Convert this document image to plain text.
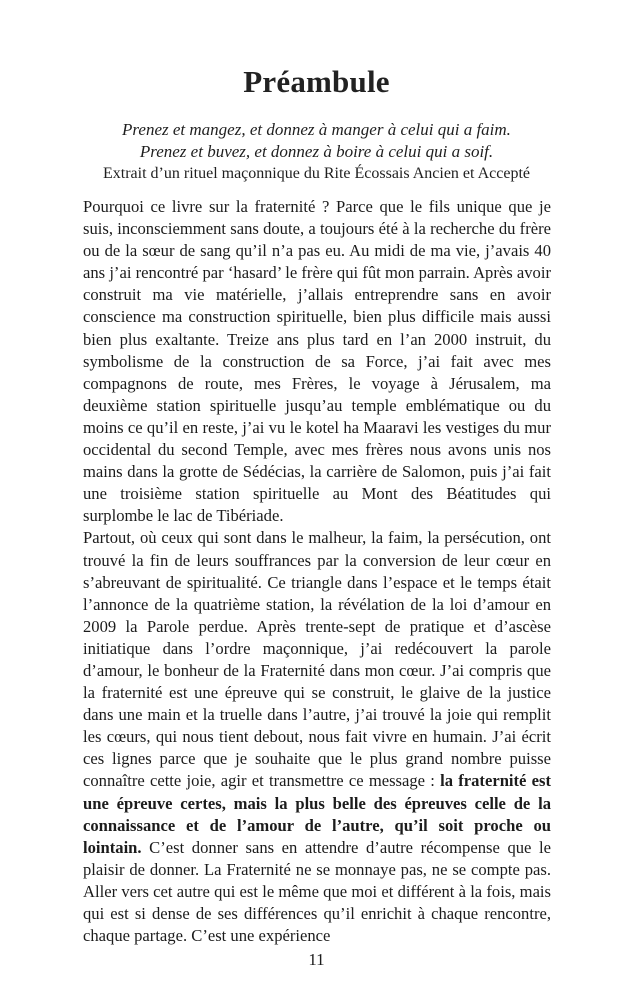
Préambule
Prenez et mangez, et donnez à manger à celui qui a faim.
Prenez et buvez, et donnez à boire à celui qui a soif.
Extrait d’un rituel maçonnique du Rite Écossais Ancien et Accepté

Pourquoi ce livre sur la fraternité ? Parce que le fils unique que je suis, inconsciemment sans doute, a toujours été à la recherche du frère ou de la sœur de sang qu’il n’a pas eu. Au midi de ma vie, j’avais 40 ans j’ai rencontré par ‘hasard’ le frère qui fût mon parrain. Après avoir construit ma vie matérielle, j’allais entreprendre sans en avoir conscience ma construction spirituelle, bien plus difficile mais aussi bien plus exaltante. Treize ans plus tard en l’an 2000 instruit, du symbolisme de la construction de sa Force, j’ai fait avec mes compagnons de route, mes Frères, le voyage à Jérusalem, ma deuxième station spirituelle jusqu’au temple emblématique ou du moins ce qu’il en reste, j’ai vu le kotel ha Maaravi les vestiges du mur occidental du second Temple, avec mes frères nous avons unis nos mains dans la grotte de Sédécias, la carrière de Salomon, puis j’ai fait une troisième station spirituelle au Mont des Béatitudes qui surplombe le lac de Tibériade.

Partout, où ceux qui sont dans le malheur, la faim, la persécution, ont trouvé la fin de leurs souffrances par la conversion de leur cœur en s’abreuvant de spiritualité. Ce triangle dans l’espace et le temps était l’annonce de la quatrième station, la révélation de la loi d’amour en 2009 la Parole perdue. Après trente-sept de pratique et d’ascèse initiatique dans l’ordre maçonnique, j’ai redécouvert la parole d’amour, le bonheur de la Fraternité dans mon cœur. J’ai compris que la fraternité est une épreuve qui se construit, le glaive de la justice dans une main et la truelle dans l’autre, j’ai trouvé la joie qui remplit les cœurs, qui nous tient debout, nous fait vivre en humain. J’ai écrit ces lignes parce que je souhaite que le plus grand nombre puisse connaître cette joie, agir et transmettre ce message : la fraternité est une épreuve certes, mais la plus belle des épreuves celle de la connaissance et de l’amour de l’autre, qu’il soit proche ou lointain. C’est donner sans en attendre d’autre récompense que le plaisir de donner. La Fraternité ne se monnaye pas, ne se compte pas. Aller vers cet autre qui est le même que moi et différent à la fois, mais qui est si dense de ses différences qu’il enrichit à chaque rencontre, chaque partage. C’est une expérience

11
